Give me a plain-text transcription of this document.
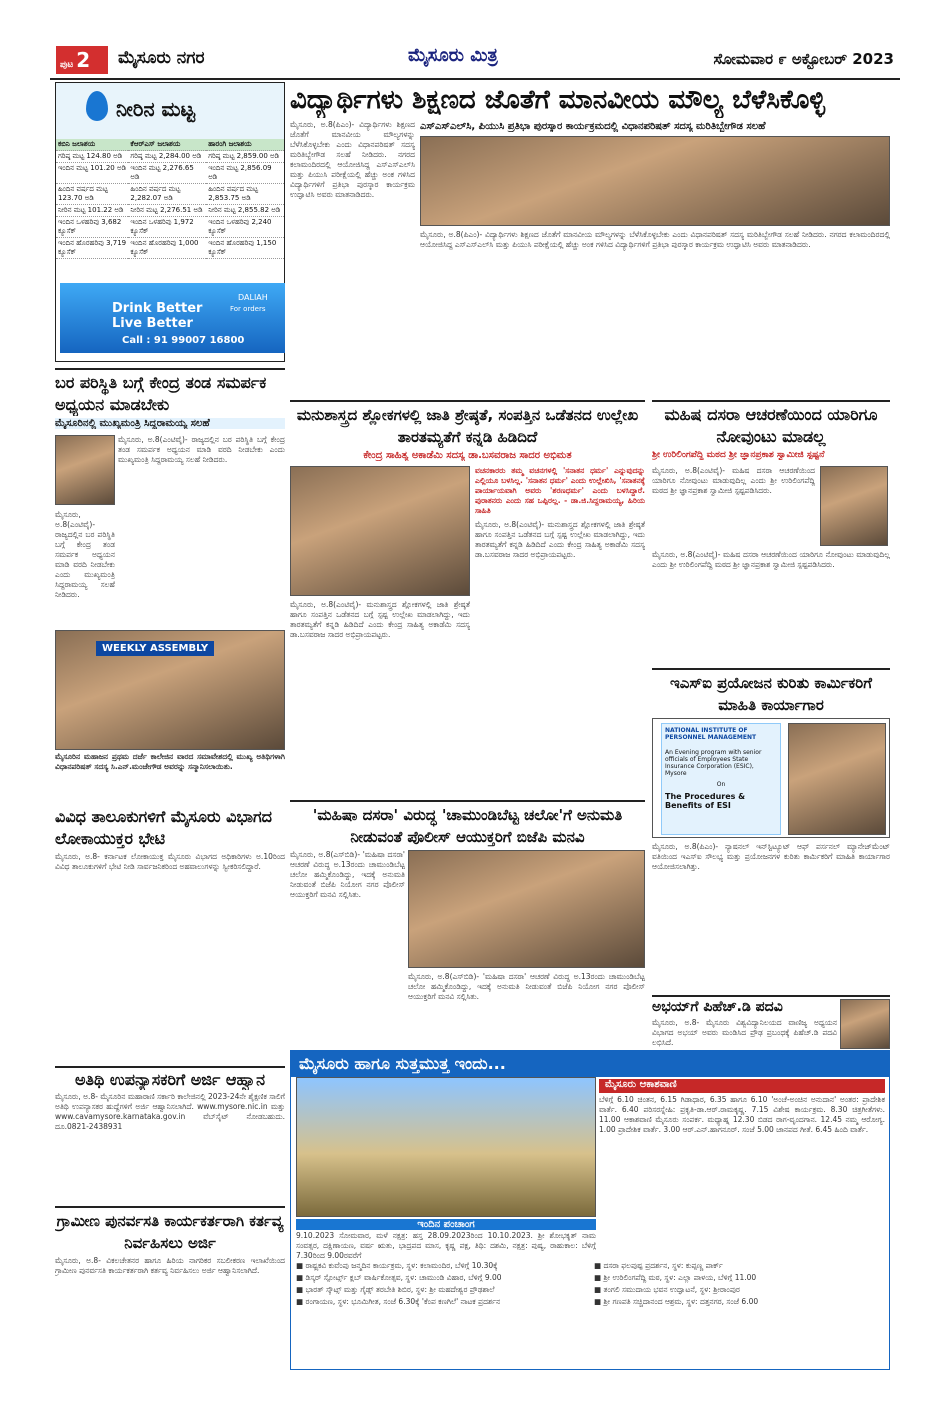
ಪುಟ 2	ಮೈಸೂರು ನಗರ	ಮೈಸೂರು ಮಿತ್ರ	ಸೋಮವಾರ ೯ ಅಕ್ಟೋಬರ್ 2023
ನೀರಿನ ಮಟ್ಟ
ಕಬಿನಿ ಜಲಾಶಯ	ಕೆಆರ್‌ಎಸ್ ಜಲಾಶಯ	ಹಾರಂಗಿ ಜಲಾಶಯ
ಗರಿಷ್ಠ ಮಟ್ಟ 124.80 ಅಡಿ	ಗರಿಷ್ಠ ಮಟ್ಟ 2,284.00 ಅಡಿ	ಗರಿಷ್ಠ ಮಟ್ಟ 2,859.00 ಅಡಿ
ಇಂದಿನ ಮಟ್ಟ 101.20 ಅಡಿ	ಇಂದಿನ ಮಟ್ಟ 2,276.65 ಅಡಿ	ಇಂದಿನ ಮಟ್ಟ 2,856.09 ಅಡಿ
ಹಿಂದಿನ ವರ್ಷದ ಮಟ್ಟ 123.70 ಅಡಿ	ಹಿಂದಿನ ವರ್ಷದ ಮಟ್ಟ 2,282.07 ಅಡಿ	ಹಿಂದಿನ ವರ್ಷದ ಮಟ್ಟ 2,853.75 ಅಡಿ
ನೀರಿನ ಮಟ್ಟ 101.22 ಅಡಿ	ನೀರಿನ ಮಟ್ಟ 2,276.51 ಅಡಿ	ನೀರಿನ ಮಟ್ಟ 2,855.82 ಅಡಿ
ಇಂದಿನ ಒಳಹರಿವು 3,682 ಕ್ಯೂಸೆಕ್	ಇಂದಿನ ಒಳಹರಿವು 1,972 ಕ್ಯೂಸೆಕ್	ಇಂದಿನ ಒಳಹರಿವು 2,240 ಕ್ಯೂಸೆಕ್
ಇಂದಿನ ಹೊರಹರಿವು 3,719 ಕ್ಯೂಸೆಕ್	ಇಂದಿನ ಹೊರಹರಿವು 1,000 ಕ್ಯೂಸೆಕ್	ಇಂದಿನ ಹೊರಹರಿವು 1,150 ಕ್ಯೂಸೆಕ್
Drink Better
Live Better
DALIAH
For orders
Call : 91 99007 16800
ವಿದ್ಯಾರ್ಥಿಗಳು ಶಿಕ್ಷಣದ ಜೊತೆಗೆ ಮಾನವೀಯ ಮೌಲ್ಯ ಬೆಳೆಸಿಕೊಳ್ಳಿ
ಎಸ್‌ಎಸ್‌ಎಲ್‌ಸಿ, ಪಿಯುಸಿ ಪ್ರತಿಭಾ ಪುರಸ್ಕಾರ ಕಾರ್ಯಕ್ರಮದಲ್ಲಿ ವಿಧಾನಪರಿಷತ್ ಸದಸ್ಯ ಮರಿತಿಬ್ಬೇಗೌಡ ಸಲಹೆ
ಮೈಸೂರು, ಅ.8(ಪಿಎಂ)- ವಿದ್ಯಾರ್ಥಿಗಳು ಶಿಕ್ಷಣದ ಜೊತೆಗೆ ಮಾನವೀಯ ಮೌಲ್ಯಗಳನ್ನು ಬೆಳೆಸಿಕೊಳ್ಳಬೇಕು ಎಂದು ವಿಧಾನಪರಿಷತ್ ಸದಸ್ಯ ಮರಿತಿಬ್ಬೇಗೌಡ ಸಲಹೆ ನೀಡಿದರು. ನಗರದ ಕಲಾಮಂದಿರದಲ್ಲಿ ಆಯೋಜಿಸಿದ್ದ ಎಸ್‌ಎಸ್‌ಎಲ್‌ಸಿ ಮತ್ತು ಪಿಯುಸಿ ಪರೀಕ್ಷೆಯಲ್ಲಿ ಹೆಚ್ಚು ಅಂಕ ಗಳಿಸಿದ ವಿದ್ಯಾರ್ಥಿಗಳಿಗೆ ಪ್ರತಿಭಾ ಪುರಸ್ಕಾರ ಕಾರ್ಯಕ್ರಮ ಉದ್ಘಾಟಿಸಿ ಅವರು ಮಾತನಾಡಿದರು.
ಮೈಸೂರು, ಅ.8(ಪಿಎಂ)- ವಿದ್ಯಾರ್ಥಿಗಳು ಶಿಕ್ಷಣದ ಜೊತೆಗೆ ಮಾನವೀಯ ಮೌಲ್ಯಗಳನ್ನು ಬೆಳೆಸಿಕೊಳ್ಳಬೇಕು ಎಂದು ವಿಧಾನಪರಿಷತ್ ಸದಸ್ಯ ಮರಿತಿಬ್ಬೇಗೌಡ ಸಲಹೆ ನೀಡಿದರು. ನಗರದ ಕಲಾಮಂದಿರದಲ್ಲಿ ಆಯೋಜಿಸಿದ್ದ ಎಸ್‌ಎಸ್‌ಎಲ್‌ಸಿ ಮತ್ತು ಪಿಯುಸಿ ಪರೀಕ್ಷೆಯಲ್ಲಿ ಹೆಚ್ಚು ಅಂಕ ಗಳಿಸಿದ ವಿದ್ಯಾರ್ಥಿಗಳಿಗೆ ಪ್ರತಿಭಾ ಪುರಸ್ಕಾರ ಕಾರ್ಯಕ್ರಮ ಉದ್ಘಾಟಿಸಿ ಅವರು ಮಾತನಾಡಿದರು.
ಬರ ಪರಿಸ್ಥಿತಿ ಬಗ್ಗೆ ಕೇಂದ್ರ ತಂಡ ಸಮರ್ಪಕ ಅಧ್ಯಯನ ಮಾಡಬೇಕು
ಮೈಸೂರಿನಲ್ಲಿ ಮುಖ್ಯಮಂತ್ರಿ ಸಿದ್ದರಾಮಯ್ಯ ಸಲಹೆ
ಮೈಸೂರು, ಅ.8(ಎಂಟಿವೈ)- ರಾಜ್ಯದಲ್ಲಿನ ಬರ ಪರಿಸ್ಥಿತಿ ಬಗ್ಗೆ ಕೇಂದ್ರ ತಂಡ ಸಮರ್ಪಕ ಅಧ್ಯಯನ ಮಾಡಿ ವರದಿ ನೀಡಬೇಕು ಎಂದು ಮುಖ್ಯಮಂತ್ರಿ ಸಿದ್ದರಾಮಯ್ಯ ಸಲಹೆ ನೀಡಿದರು.
ಮೈಸೂರು, ಅ.8(ಎಂಟಿವೈ)- ರಾಜ್ಯದಲ್ಲಿನ ಬರ ಪರಿಸ್ಥಿತಿ ಬಗ್ಗೆ ಕೇಂದ್ರ ತಂಡ ಸಮರ್ಪಕ ಅಧ್ಯಯನ ಮಾಡಿ ವರದಿ ನೀಡಬೇಕು ಎಂದು ಮುಖ್ಯಮಂತ್ರಿ ಸಿದ್ದರಾಮಯ್ಯ ಸಲಹೆ ನೀಡಿದರು.
WEEKLY ASSEMBLY
ಮೈಸೂರಿನ ಮಹಾಜನ ಪ್ರಥಮ ದರ್ಜೆ ಕಾಲೇಜಿನ ವಾರದ ಸಮಾವೇಶದಲ್ಲಿ ಮುಖ್ಯ ಅತಿಥಿಗಳಾಗಿ ವಿಧಾನಪರಿಷತ್ ಸದಸ್ಯ ಸಿ.ಎನ್.ಮಂಜೇಗೌಡ ಅವರನ್ನು ಸನ್ಮಾನಿಸಲಾಯಿತು.
ವಿವಿಧ ತಾಲೂಕುಗಳಿಗೆ ಮೈಸೂರು ವಿಭಾಗದ ಲೋಕಾಯುಕ್ತರ ಭೇಟಿ
ಮೈಸೂರು, ಅ.8- ಕರ್ನಾಟಕ ಲೋಕಾಯುಕ್ತ ಮೈಸೂರು ವಿಭಾಗದ ಅಧಿಕಾರಿಗಳು ಅ.10ರಿಂದ ವಿವಿಧ ತಾಲೂಕುಗಳಿಗೆ ಭೇಟಿ ನೀಡಿ ಸಾರ್ವಜನಿಕರಿಂದ ಅಹವಾಲುಗಳನ್ನು ಸ್ವೀಕರಿಸಲಿದ್ದಾರೆ.
ಅತಿಥಿ ಉಪನ್ಯಾಸಕರಿಗೆ ಅರ್ಜಿ ಆಹ್ವಾನ
ಮೈಸೂರು, ಅ.8- ಮೈಸೂರಿನ ಮಹಾರಾಣಿ ಸರ್ಕಾರಿ ಕಾಲೇಜಿನಲ್ಲಿ 2023-24ನೇ ಶೈಕ್ಷಣಿಕ ಸಾಲಿಗೆ ಅತಿಥಿ ಉಪನ್ಯಾಸಕರ ಹುದ್ದೆಗಳಿಗೆ ಅರ್ಜಿ ಆಹ್ವಾನಿಸಲಾಗಿದೆ. www.mysore.nic.in ಮತ್ತು www.cavamysore.karnataka.gov.in ವೆಬ್‌ಸೈಟ್ ನೋಡಬಹುದು. ದೂ.0821-2438931
ಗ್ರಾಮೀಣ ಪುನರ್ವಸತಿ ಕಾರ್ಯಕರ್ತರಾಗಿ ಕರ್ತವ್ಯ ನಿರ್ವಹಿಸಲು ಅರ್ಜಿ
ಮೈಸೂರು, ಅ.8- ವಿಕಲಚೇತನರ ಹಾಗೂ ಹಿರಿಯ ನಾಗರಿಕರ ಸಬಲೀಕರಣ ಇಲಾಖೆಯಿಂದ ಗ್ರಾಮೀಣ ಪುನರ್ವಸತಿ ಕಾರ್ಯಕರ್ತರಾಗಿ ಕರ್ತವ್ಯ ನಿರ್ವಹಿಸಲು ಅರ್ಜಿ ಆಹ್ವಾನಿಸಲಾಗಿದೆ.
ಮನುಶಾಸ್ತ್ರದ ಶ್ಲೋಕಗಳಲ್ಲಿ ಜಾತಿ ಶ್ರೇಷ್ಠತೆ, ಸಂಪತ್ತಿನ ಒಡೆತನದ ಉಲ್ಲೇಖ ತಾರತಮ್ಯತೆಗೆ ಕನ್ನಡಿ ಹಿಡಿದಿದೆ
ಕೇಂದ್ರ ಸಾಹಿತ್ಯ ಅಕಾಡೆಮಿ ಸದಸ್ಯ ಡಾ.ಬಸವರಾಜ ಸಾದರ ಅಭಿಮತ
ವಚನಕಾರರು ತಮ್ಮ ವಚನಗಳಲ್ಲಿ 'ಸನಾತನ ಧರ್ಮ' ಎನ್ನುವುದನ್ನು ಎಲ್ಲಿಯೂ ಬಳಸಿಲ್ಲ. 'ಸನಾತನ ಧರ್ಮ' ಎಂದು ಉಲ್ಲೇಖಿಸಿ, 'ಸನಾತನಕ್ಕೆ ಪಾರ್ಯಾಯವಾಗಿ ಅವರು 'ಶರಣಧರ್ಮ' ಎಂದು ಬಳಸಿದ್ದಾರೆ. ಪುರಾತನರು ಎಂದು ಸಹ ಒಪ್ಪಿರಲ್ಲ. - ಡಾ.ಜಿ.ಸಿದ್ದರಾಮಯ್ಯ, ಹಿರಿಯ ಸಾಹಿತಿ
ಮೈಸೂರು, ಅ.8(ಎಂಟಿವೈ)- ಮನುಶಾಸ್ತ್ರದ ಶ್ಲೋಕಗಳಲ್ಲಿ ಜಾತಿ ಶ್ರೇಷ್ಠತೆ ಹಾಗೂ ಸಂಪತ್ತಿನ ಒಡೆತನದ ಬಗ್ಗೆ ಸ್ಪಷ್ಟ ಉಲ್ಲೇಖ ಮಾಡಲಾಗಿದ್ದು, ಇದು ತಾರತಮ್ಯತೆಗೆ ಕನ್ನಡಿ ಹಿಡಿದಿದೆ ಎಂದು ಕೇಂದ್ರ ಸಾಹಿತ್ಯ ಅಕಾಡೆಮಿ ಸದಸ್ಯ ಡಾ.ಬಸವರಾಜ ಸಾದರ ಅಭಿಪ್ರಾಯಪಟ್ಟರು.
ಮೈಸೂರು, ಅ.8(ಎಂಟಿವೈ)- ಮನುಶಾಸ್ತ್ರದ ಶ್ಲೋಕಗಳಲ್ಲಿ ಜಾತಿ ಶ್ರೇಷ್ಠತೆ ಹಾಗೂ ಸಂಪತ್ತಿನ ಒಡೆತನದ ಬಗ್ಗೆ ಸ್ಪಷ್ಟ ಉಲ್ಲೇಖ ಮಾಡಲಾಗಿದ್ದು, ಇದು ತಾರತಮ್ಯತೆಗೆ ಕನ್ನಡಿ ಹಿಡಿದಿದೆ ಎಂದು ಕೇಂದ್ರ ಸಾಹಿತ್ಯ ಅಕಾಡೆಮಿ ಸದಸ್ಯ ಡಾ.ಬಸವರಾಜ ಸಾದರ ಅಭಿಪ್ರಾಯಪಟ್ಟರು.
ಮಹಿಷ ದಸರಾ ಆಚರಣೆಯಿಂದ ಯಾರಿಗೂ ನೋವುಂಟು ಮಾಡಲ್ಲ
ಶ್ರೀ ಉರಿಲಿಂಗಪೆದ್ದಿ ಮಠದ ಶ್ರೀ ಜ್ಞಾನಪ್ರಕಾಶ ಸ್ವಾಮೀಜಿ ಸ್ಪಷ್ಟನೆ
ಮೈಸೂರು, ಅ.8(ಎಂಟಿವೈ)- ಮಹಿಷ ದಸರಾ ಆಚರಣೆಯಿಂದ ಯಾರಿಗೂ ನೋವುಂಟು ಮಾಡುವುದಿಲ್ಲ ಎಂದು ಶ್ರೀ ಉರಿಲಿಂಗಪೆದ್ದಿ ಮಠದ ಶ್ರೀ ಜ್ಞಾನಪ್ರಕಾಶ ಸ್ವಾಮೀಜಿ ಸ್ಪಷ್ಟಪಡಿಸಿದರು.
ಮೈಸೂರು, ಅ.8(ಎಂಟಿವೈ)- ಮಹಿಷ ದಸರಾ ಆಚರಣೆಯಿಂದ ಯಾರಿಗೂ ನೋವುಂಟು ಮಾಡುವುದಿಲ್ಲ ಎಂದು ಶ್ರೀ ಉರಿಲಿಂಗಪೆದ್ದಿ ಮಠದ ಶ್ರೀ ಜ್ಞಾನಪ್ರಕಾಶ ಸ್ವಾಮೀಜಿ ಸ್ಪಷ್ಟಪಡಿಸಿದರು.
ಇಎಸ್‌ಐ ಪ್ರಯೋಜನ ಕುರಿತು ಕಾರ್ಮಿಕರಿಗೆ ಮಾಹಿತಿ ಕಾರ್ಯಾಗಾರ
NATIONAL INSTITUTE OF PERSONNEL MANAGEMENT
An Evening program with senior officials of Employees State Insurance Corporation (ESIC), Mysore
On
The Procedures & Benefits of ESI
ಮೈಸೂರು, ಅ.8(ಪಿಎಂ)- ನ್ಯಾಷನಲ್ ಇನ್‌ಸ್ಟಿಟ್ಯೂಟ್ ಆಫ್ ಪರ್ಸನಲ್ ಮ್ಯಾನೇಜ್‌ಮೆಂಟ್ ವತಿಯಿಂದ ಇಎಸ್‌ಐ ಸೌಲಭ್ಯ ಮತ್ತು ಪ್ರಯೋಜನಗಳ ಕುರಿತು ಕಾರ್ಮಿಕರಿಗೆ ಮಾಹಿತಿ ಕಾರ್ಯಾಗಾರ ಆಯೋಜಿಸಲಾಗಿತ್ತು.
'ಮಹಿಷಾ ದಸರಾ' ವಿರುದ್ಧ 'ಚಾಮುಂಡಿಬೆಟ್ಟ ಚಲೋ'ಗೆ ಅನುಮತಿ ನೀಡುವಂತೆ ಪೊಲೀಸ್ ಆಯುಕ್ತರಿಗೆ ಬಿಜೆಪಿ ಮನವಿ
ಮೈಸೂರು, ಅ.8(ಎಸ್‌ಬಿಡಿ)- 'ಮಹಿಷಾ ದಸರಾ' ಆಚರಣೆ ವಿರುದ್ಧ ಅ.13ರಂದು ಚಾಮುಂಡಿಬೆಟ್ಟ ಚಲೋ ಹಮ್ಮಿಕೊಂಡಿದ್ದು, ಇದಕ್ಕೆ ಅನುಮತಿ ನೀಡುವಂತೆ ಬಿಜೆಪಿ ನಿಯೋಗ ನಗರ ಪೊಲೀಸ್ ಆಯುಕ್ತರಿಗೆ ಮನವಿ ಸಲ್ಲಿಸಿತು.
ಮೈಸೂರು, ಅ.8(ಎಸ್‌ಬಿಡಿ)- 'ಮಹಿಷಾ ದಸರಾ' ಆಚರಣೆ ವಿರುದ್ಧ ಅ.13ರಂದು ಚಾಮುಂಡಿಬೆಟ್ಟ ಚಲೋ ಹಮ್ಮಿಕೊಂಡಿದ್ದು, ಇದಕ್ಕೆ ಅನುಮತಿ ನೀಡುವಂತೆ ಬಿಜೆಪಿ ನಿಯೋಗ ನಗರ ಪೊಲೀಸ್ ಆಯುಕ್ತರಿಗೆ ಮನವಿ ಸಲ್ಲಿಸಿತು.
ಅಭಯ್‌ಗೆ ಪಿಹೆಚ್.ಡಿ ಪದವಿ
ಮೈಸೂರು, ಅ.8- ಮೈಸೂರು ವಿಶ್ವವಿದ್ಯಾನಿಲಯದ ವಾಣಿಜ್ಯ ಅಧ್ಯಯನ ವಿಭಾಗದ ಅಭಯ್ ಅವರು ಮಂಡಿಸಿದ ಪ್ರೌಢ ಪ್ರಬಂಧಕ್ಕೆ ಪಿಹೆಚ್.ಡಿ ಪದವಿ ಲಭಿಸಿದೆ.
ಮೈಸೂರು ಹಾಗೂ ಸುತ್ತಮುತ್ತ ಇಂದು...
ಇಂದಿನ ಪಂಚಾಂಗ
9.10.2023 ಸೋಮವಾರ, ಮಳೆ ನಕ್ಷತ್ರ: ಹಸ್ತ 28.09.2023ರಿಂದ 10.10.2023. ಶ್ರೀ ಶೋಭಕೃತ್ ನಾಮ ಸಂವತ್ಸರ, ದಕ್ಷಿಣಾಯಣ, ವರ್ಷ ಋತು, ಭಾದ್ರಪದ ಮಾಸ, ಕೃಷ್ಣ ಪಕ್ಷ, ತಿಥಿ: ದಶಮಿ, ನಕ್ಷತ್ರ: ಪುಷ್ಯ, ರಾಹುಕಾಲ: ಬೆಳಿಗ್ಗೆ 7.30ರಿಂದ 9.00ರವರೆಗೆ
ಮೈಸೂರು ಆಕಾಶವಾಣಿ
ಬೆಳಿಗ್ಗೆ 6.10 ಚಿಂತನ, 6.15 ಗಿಡಾಧಾರ, 6.35 ಹಾಗೂ 6.10 'ಅಂಚೆ-ಅಂಚಿನ ಅನುದಾನ' ಅಂತರ: ಪ್ರಾದೇಶಿಕ ವಾರ್ತೆ. 6.40 ಪರಿಸರಸ್ನೇಹಿ: ಪ್ರಕೃತಿ-ಡಾ.ಆರ್.ರಾಮಕೃಷ್ಣ. 7.15 ವಿಶೇಷ ಕಾರ್ಯಕ್ರಮ. 8.30 ಚಿತ್ರಗೀತೆಗಳು. 11.00 ಆಕಾಶವಾಣಿ ಮೈಸೂರು ಸಂಪರ್ಕ. ಮಧ್ಯಾಹ್ನ 12.30 ಬಿಡದ ರಾಗ-ವೃಂದಗಾನ. 12.45 ನಮ್ಮ ಆರೋಗ್ಯ. 1.00 ಪ್ರಾದೇಶಿಕ ವಾರ್ತೆ. 3.00 ಆರ್.ಎನ್.ಹಾಗನೂರ್. ಸಂಜೆ 5.00 ಜಾನಪದ ಗೀತೆ. 6.45 ಹಿಂದಿ ವಾರ್ತೆ.
■ ರಾಷ್ಟ್ರಕವಿ ಕುವೆಂಪು ಜನ್ಮದಿನ ಕಾರ್ಯಕ್ರಮ, ಸ್ಥಳ: ಕಲಾಮಂದಿರ, ಬೆಳಿಗ್ಗೆ 10.30ಕ್ಕೆ
■ ಡಿಸ್ಕರ್ ಸ್ಪೋರ್ಟ್ಸ್ ಕ್ಲಬ್ ವಾರ್ಷಿಕೋತ್ಸವ, ಸ್ಥಳ: ಚಾಮುಂಡಿ ವಿಹಾರ, ಬೆಳಿಗ್ಗೆ 9.00
■ ಭಾರತ್ ಸ್ಕೌಟ್ಸ್ ಮತ್ತು ಗೈಡ್ಸ್ ತರಬೇತಿ ಶಿಬಿರ, ಸ್ಥಳ: ಶ್ರೀ ಮಹದೇಶ್ವರ ಪ್ರೌಢಶಾಲೆ
■ ರಂಗಾಯಣ, ಸ್ಥಳ: ಭೂಮಿಗೀತ, ಸಂಜೆ 6.30ಕ್ಕೆ 'ಕೆಂಪ ಕಣಗಿಲೆ' ನಾಟಕ ಪ್ರದರ್ಶನ
■ ದಸರಾ ಫಲಪುಷ್ಪ ಪ್ರದರ್ಶನ, ಸ್ಥಳ: ಕುಪ್ಪಣ್ಣ ಪಾರ್ಕ್
■ ಶ್ರೀ ಉರಿಲಿಂಗಪೆದ್ದಿ ಮಠ, ಸ್ಥಳ: ಎಲ್ಲಾ ಪಾಳಯ, ಬೆಳಿಗ್ಗೆ 11.00
■ ತಂಗಲಿ ಸಮುದಾಯ ಭವನ ಉದ್ಘಾಟನೆ, ಸ್ಥಳ: ಶ್ರೀರಾಂಪುರ
■ ಶ್ರೀ ಗಣಪತಿ ಸಚ್ಚಿದಾನಂದ ಆಶ್ರಮ, ಸ್ಥಳ: ದತ್ತನಗರ, ಸಂಜೆ 6.00
